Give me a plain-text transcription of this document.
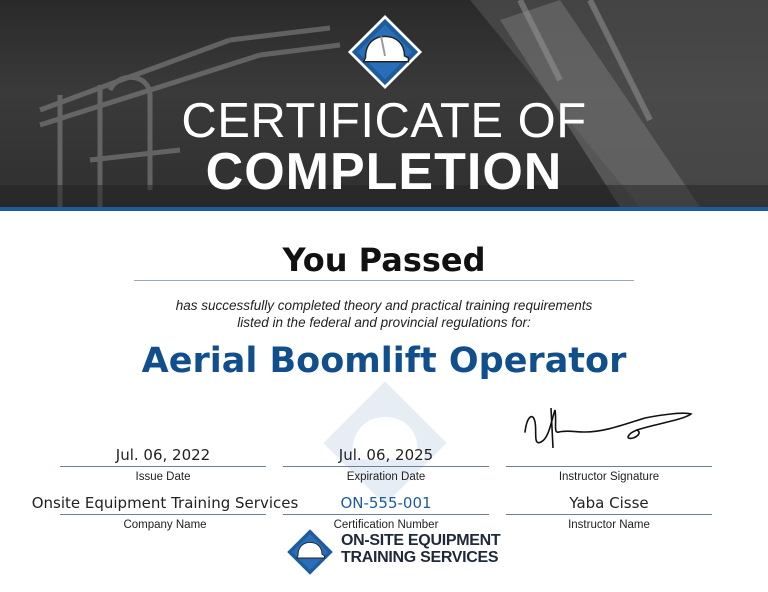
CERTIFICATE OF
COMPLETION
You Passed
has successfully completed theory and practical training requirements
listed in the federal and provincial regulations for:
Aerial Boomlift Operator
Jul. 06, 2022
Issue Date
Jul. 06, 2025
Expiration Date	Instructor Signature
Onsite Equipment Training Services
Company Name
ON-555-001
Certification Number
Yaba Cisse
Instructor Name
ON-SITE EQUIPMENT
TRAINING SERVICES
